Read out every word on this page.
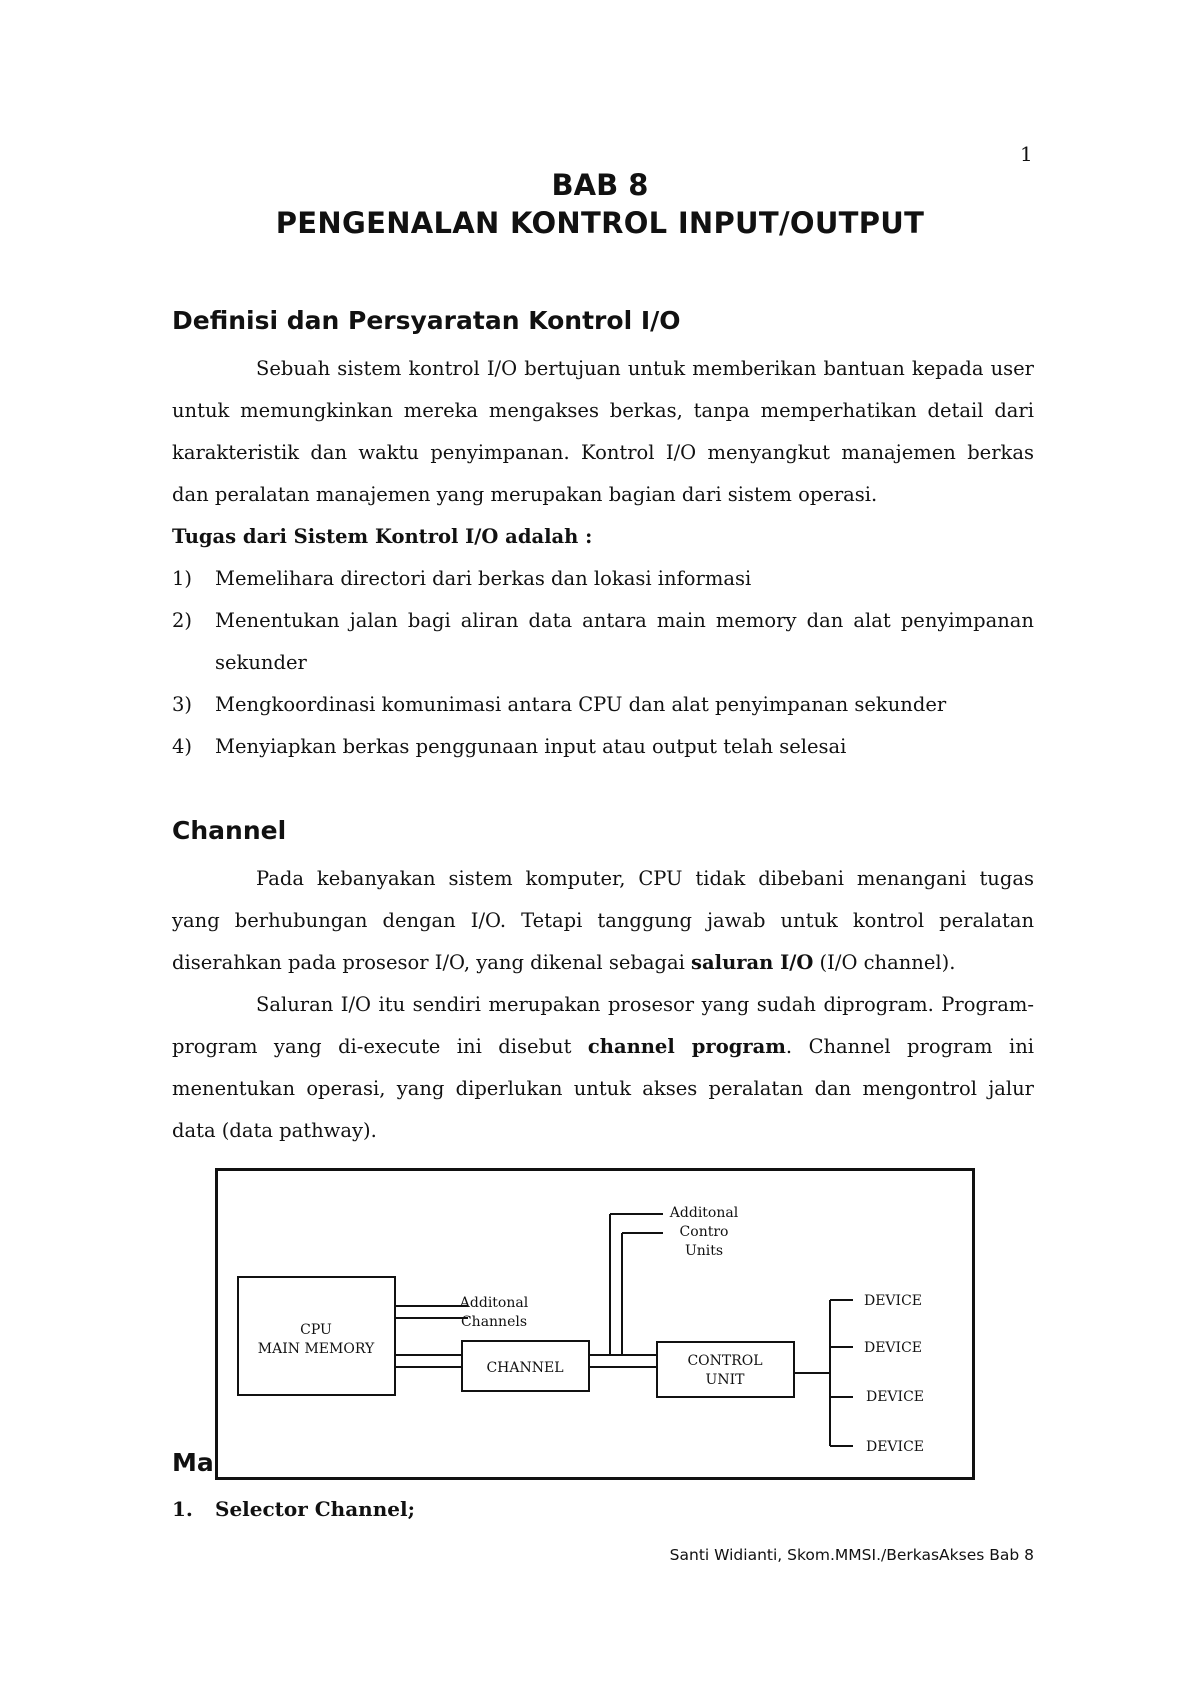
1
BAB 8
PENGENALAN KONTROL INPUT/OUTPUT
Definisi dan Persyaratan Kontrol I/O
Sebuah sistem kontrol I/O bertujuan untuk memberikan bantuan kepada user untuk memungkinkan mereka mengakses berkas, tanpa memperhatikan detail dari karakteristik dan waktu penyimpanan. Kontrol I/O menyangkut manajemen berkas dan peralatan manajemen yang merupakan bagian dari sistem operasi.
Tugas dari Sistem Kontrol I/O adalah :
1) Memelihara directori dari berkas dan lokasi informasi
2) Menentukan jalan bagi aliran data antara main memory dan alat penyimpanan sekunder
3) Mengkoordinasi komunimasi antara CPU dan alat penyimpanan sekunder
4) Menyiapkan berkas penggunaan input atau output telah selesai
Channel
Pada kebanyakan sistem komputer, CPU tidak dibebani menangani tugas yang berhubungan dengan I/O. Tetapi tanggung jawab untuk kontrol peralatan diserahkan pada prosesor I/O, yang dikenal sebagai saluran I/O (I/O channel).
Saluran I/O itu sendiri merupakan prosesor yang sudah diprogram. Program-program yang di-execute ini disebut channel program. Channel program ini menentukan operasi, yang diperlukan untuk akses peralatan dan mengontrol jalur data (data pathway).
Ma
CPU
MAIN MEMORY
Additonal
Channels
CHANNEL
Additonal
Contro
Units
CONTROL
UNIT
DEVICE
DEVICE
DEVICE
DEVICE
1. Selector Channel;
Santi Widianti, Skom.MMSI./BerkasAkses Bab 8
